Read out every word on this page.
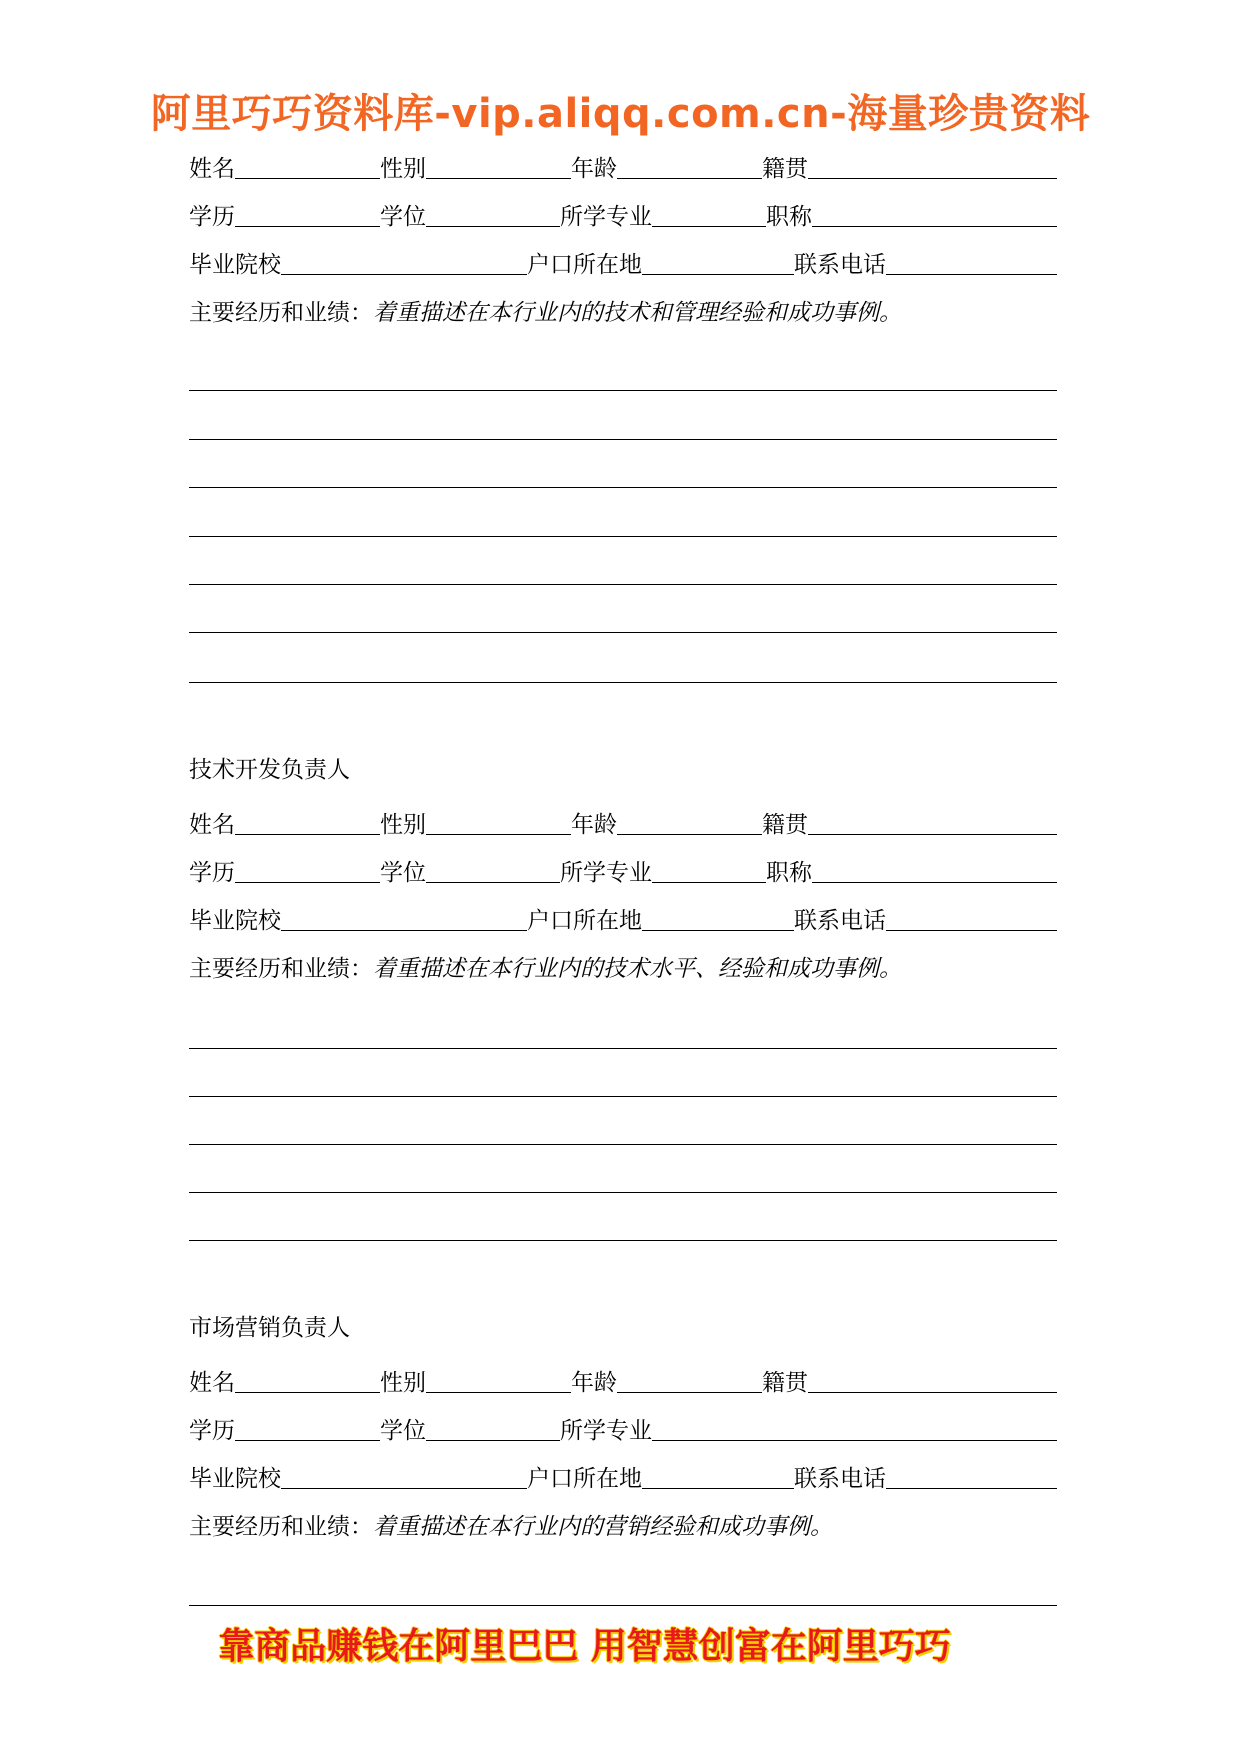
阿里巧巧资料库-vip.aliqq.com.cn-海量珍贵资料
姓名	性别	年龄	籍贯
学历	学位	所学专业	职称
毕业院校	户口所在地	联系电话
主要经历和业绩： 着重描述在本行业内的技术和管理经验和成功事例。
技术开发负责人
姓名	性别	年龄	籍贯
学历	学位	所学专业	职称
毕业院校	户口所在地	联系电话
主要经历和业绩： 着重描述在本行业内的技术水平、经验和成功事例。
市场营销负责人
姓名	性别	年龄	籍贯
学历	学位	所学专业
毕业院校	户口所在地	联系电话
主要经历和业绩： 着重描述在本行业内的营销经验和成功事例。
靠商品赚钱在阿里巴巴 用智慧创富在阿里巧巧
